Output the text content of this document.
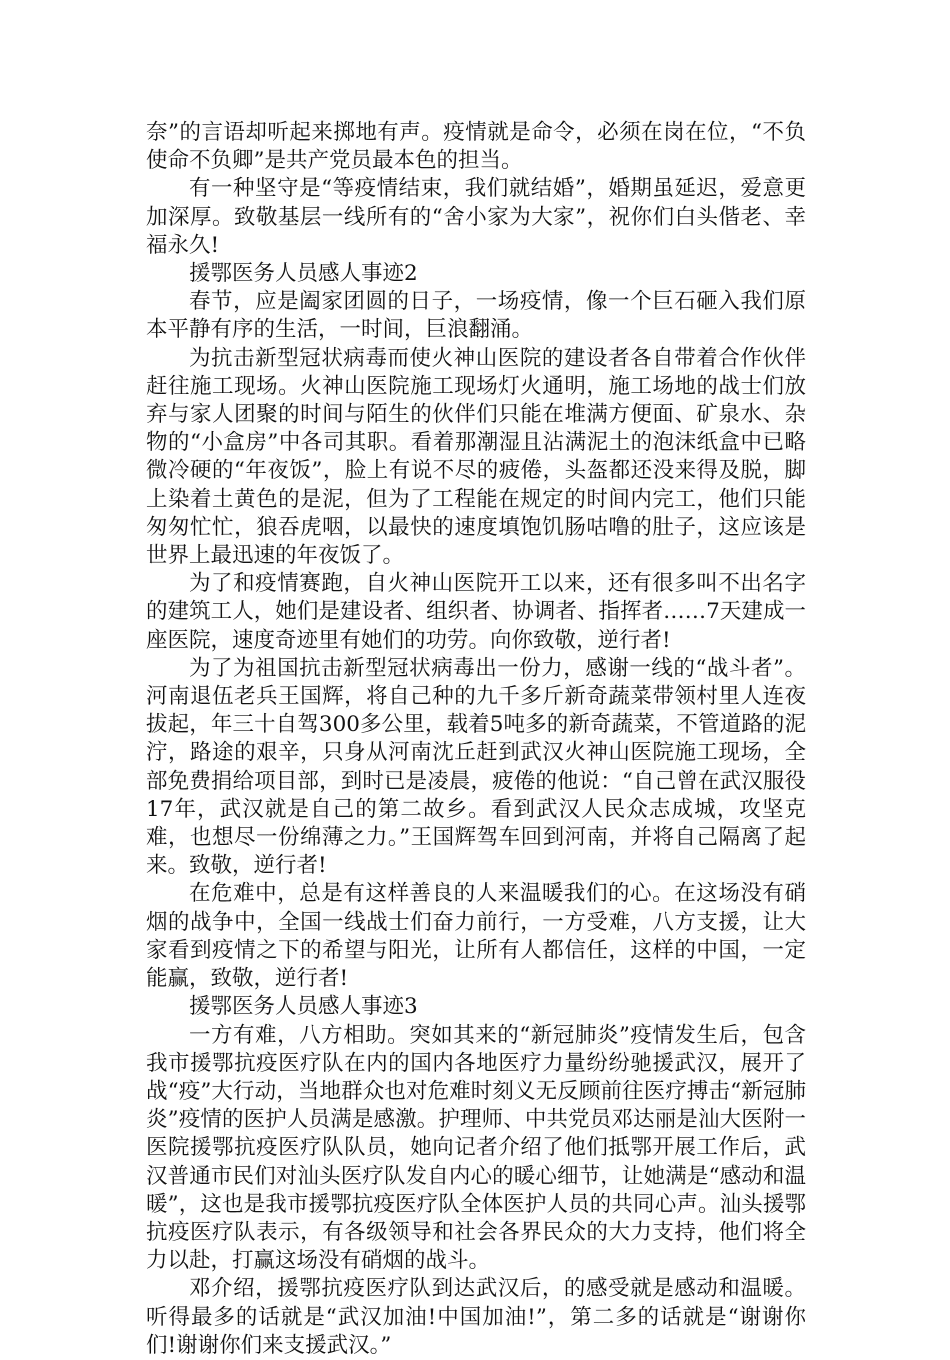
奈”的言语却听起来掷地有声。疫情就是命令，必须在岗在位，“不负使命不负卿”是共产党员最本色的担当。

有一种坚守是“等疫情结束，我们就结婚”，婚期虽延迟，爱意更加深厚。致敬基层一线所有的“舍小家为大家”，祝你们白头偕老、幸福永久!

援鄂医务人员感人事迹2

春节，应是阖家团圆的日子，一场疫情，像一个巨石砸入我们原本平静有序的生活，一时间，巨浪翻涌。

为抗击新型冠状病毒而使火神山医院的建设者各自带着合作伙伴赶往施工现场。火神山医院施工现场灯火通明，施工场地的战士们放弃与家人团聚的时间与陌生的伙伴们只能在堆满方便面、矿泉水、杂物的“小盒房”中各司其职。看着那潮湿且沾满泥土的泡沫纸盒中已略微冷硬的“年夜饭”，脸上有说不尽的疲倦，头盔都还没来得及脱，脚上染着土黄色的是泥，但为了工程能在规定的时间内完工，他们只能匆匆忙忙，狼吞虎咽，以最快的速度填饱饥肠咕噜的肚子，这应该是世界上最迅速的年夜饭了。

为了和疫情赛跑，自火神山医院开工以来，还有很多叫不出名字的建筑工人，她们是建设者、组织者、协调者、指挥者……7天建成一座医院，速度奇迹里有她们的功劳。向你致敬，逆行者!

为了为祖国抗击新型冠状病毒出一份力，感谢一线的“战斗者”。河南退伍老兵王国辉，将自己种的九千多斤新奇蔬菜带领村里人连夜拔起，年三十自驾300多公里，载着5吨多的新奇蔬菜，不管道路的泥泞，路途的艰辛，只身从河南沈丘赶到武汉火神山医院施工现场，全部免费捐给项目部，到时已是凌晨，疲倦的他说：“自己曾在武汉服役17年，武汉就是自己的第二故乡。看到武汉人民众志成城，攻坚克难，也想尽一份绵薄之力。”王国辉驾车回到河南，并将自己隔离了起来。致敬，逆行者!

在危难中，总是有这样善良的人来温暖我们的心。在这场没有硝烟的战争中，全国一线战士们奋力前行，一方受难，八方支援，让大家看到疫情之下的希望与阳光，让所有人都信任，这样的中国，一定能赢，致敬，逆行者!

援鄂医务人员感人事迹3

一方有难，八方相助。突如其来的“新冠肺炎”疫情发生后，包含我市援鄂抗疫医疗队在内的国内各地医疗力量纷纷驰援武汉，展开了战“疫”大行动，当地群众也对危难时刻义无反顾前往医疗搏击“新冠肺炎”疫情的医护人员满是感激。护理师、中共党员邓达丽是汕大医附一医院援鄂抗疫医疗队队员，她向记者介绍了他们抵鄂开展工作后，武汉普通市民们对汕头医疗队发自内心的暖心细节，让她满是“感动和温暖”，这也是我市援鄂抗疫医疗队全体医护人员的共同心声。汕头援鄂抗疫医疗队表示，有各级领导和社会各界民众的大力支持，他们将全力以赴，打赢这场没有硝烟的战斗。

邓介绍，援鄂抗疫医疗队到达武汉后，的感受就是感动和温暖。听得最多的话就是“武汉加油!中国加油!”，第二多的话就是“谢谢你们!谢谢你们来支援武汉。”
